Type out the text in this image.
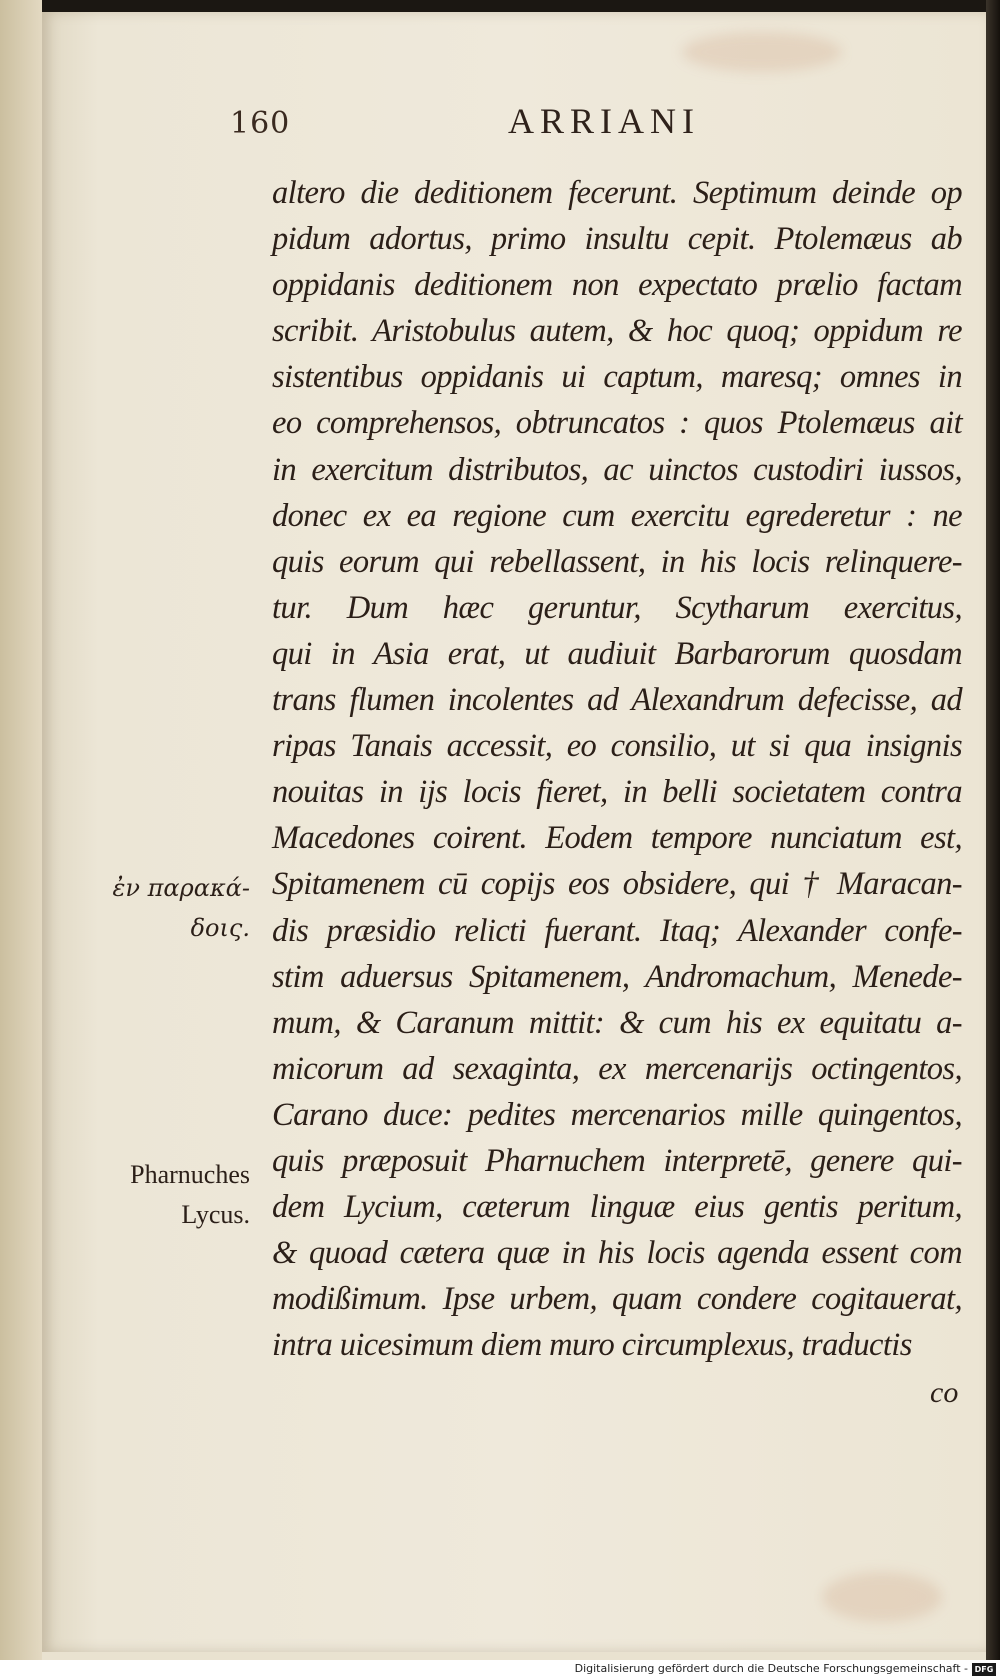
160	ARRIANI
altero die deditionem fecerunt. Septimum deinde op
pidum adortus, primo insultu cepit. Ptolemæus ab
oppidanis deditionem non expectato prælio factam
scribit. Aristobulus autem, & hoc quoq; oppidum re
sistentibus oppidanis ui captum, maresq; omnes in
eo comprehensos, obtruncatos : quos Ptolemæus ait
in exercitum distributos, ac uinctos custodiri iussos,
donec ex ea regione cum exercitu egrederetur : ne
quis eorum qui rebellassent, in his locis relinquere-
tur. Dum hæc geruntur, Scytharum exercitus,
qui in Asia erat, ut audiuit Barbarorum quosdam
trans flumen incolentes ad Alexandrum defecisse, ad
ripas Tanais accessit, eo consilio, ut si qua insignis
nouitas in ijs locis fieret, in belli societatem contra
Macedones coirent. Eodem tempore nunciatum est,
Spitamenem cū copijs eos obsidere, qui † Maracan-
dis præsidio relicti fuerant. Itaq; Alexander confe-
stim aduersus Spitamenem, Andromachum, Menede-
mum, & Caranum mittit: & cum his ex equitatu a-
micorum ad sexaginta, ex mercenarijs octingentos,
Carano duce: pedites mercenarios mille quingentos,
quis præposuit Pharnuchem interpretē, genere qui-
dem Lycium, cæterum linguæ eius gentis peritum,
& quoad cætera quæ in his locis agenda essent com
modißimum. Ipse urbem, quam condere cogitauerat,
intra uicesimum diem muro circumplexus, traductis
ἐν παρακά-
δοις.
Pharnuches
Lycus.
co
Digitalisierung gefördert durch die Deutsche Forschungsgemeinschaft - DFG
